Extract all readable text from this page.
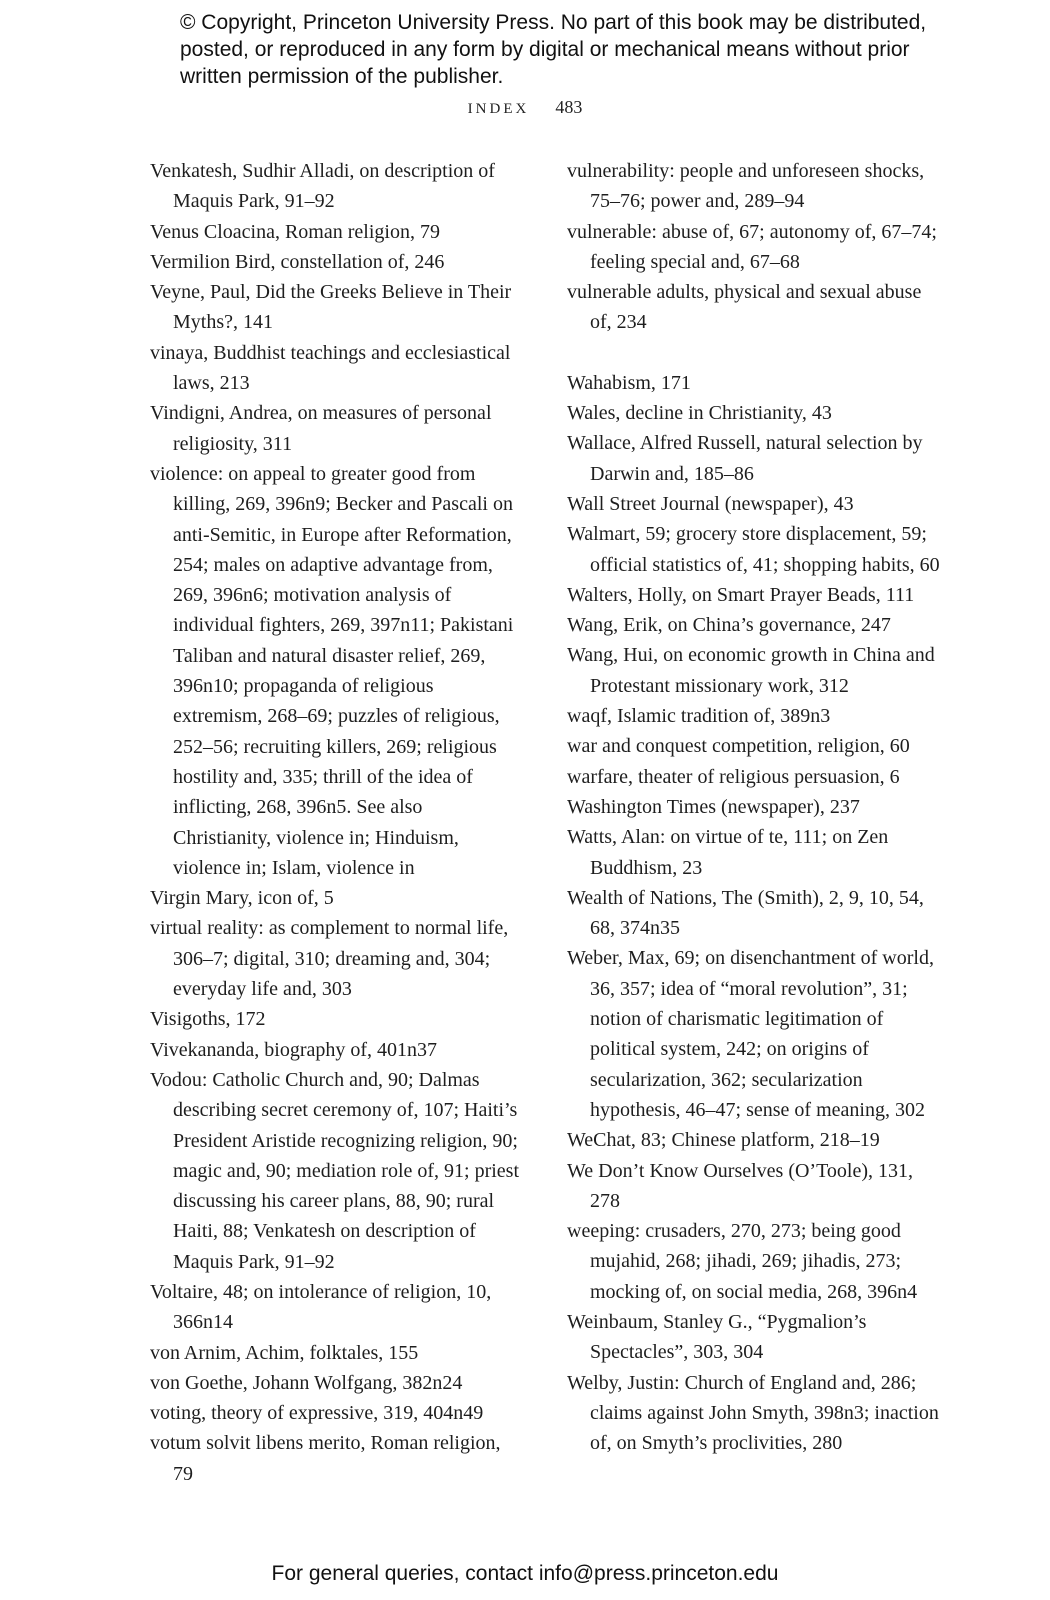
© Copyright, Princeton University Press. No part of this book may be distributed, posted, or reproduced in any form by digital or mechanical means without prior written permission of the publisher.
INDEX 483
Venkatesh, Sudhir Alladi, on description of Maquis Park, 91–92
Venus Cloacina, Roman religion, 79
Vermilion Bird, constellation of, 246
Veyne, Paul, Did the Greeks Believe in Their Myths?, 141
vinaya, Buddhist teachings and ecclesiastical laws, 213
Vindigni, Andrea, on measures of personal religiosity, 311
violence: on appeal to greater good from killing, 269, 396n9; Becker and Pascali on anti-Semitic, in Europe after Reformation, 254; males on adaptive advantage from, 269, 396n6; motivation analysis of individual fighters, 269, 397n11; Pakistani Taliban and natural disaster relief, 269, 396n10; propaganda of religious extremism, 268–69; puzzles of religious, 252–56; recruiting killers, 269; religious hostility and, 335; thrill of the idea of inflicting, 268, 396n5. See also Christianity, violence in; Hinduism, violence in; Islam, violence in
Virgin Mary, icon of, 5
virtual reality: as complement to normal life, 306–7; digital, 310; dreaming and, 304; everyday life and, 303
Visigoths, 172
Vivekananda, biography of, 401n37
Vodou: Catholic Church and, 90; Dalmas describing secret ceremony of, 107; Haiti’s President Aristide recognizing religion, 90; magic and, 90; mediation role of, 91; priest discussing his career plans, 88, 90; rural Haiti, 88; Venkatesh on description of Maquis Park, 91–92
Voltaire, 48; on intolerance of religion, 10, 366n14
von Arnim, Achim, folktales, 155
von Goethe, Johann Wolfgang, 382n24
voting, theory of expressive, 319, 404n49
votum solvit libens merito, Roman religion, 79
vulnerability: people and unforeseen shocks, 75–76; power and, 289–94
vulnerable: abuse of, 67; autonomy of, 67–74; feeling special and, 67–68
vulnerable adults, physical and sexual abuse of, 234
Wahabism, 171
Wales, decline in Christianity, 43
Wallace, Alfred Russell, natural selection by Darwin and, 185–86
Wall Street Journal (newspaper), 43
Walmart, 59; grocery store displacement, 59; official statistics of, 41; shopping habits, 60
Walters, Holly, on Smart Prayer Beads, 111
Wang, Erik, on China’s governance, 247
Wang, Hui, on economic growth in China and Protestant missionary work, 312
waqf, Islamic tradition of, 389n3
war and conquest competition, religion, 60
warfare, theater of religious persuasion, 6
Washington Times (newspaper), 237
Watts, Alan: on virtue of te, 111; on Zen Buddhism, 23
Wealth of Nations, The (Smith), 2, 9, 10, 54, 68, 374n35
Weber, Max, 69; on disenchantment of world, 36, 357; idea of “moral revolution”, 31; notion of charismatic legitimation of political system, 242; on origins of secularization, 362; secularization hypothesis, 46–47; sense of meaning, 302
WeChat, 83; Chinese platform, 218–19
We Don’t Know Ourselves (O’Toole), 131, 278
weeping: crusaders, 270, 273; being good mujahid, 268; jihadi, 269; jihadis, 273; mocking of, on social media, 268, 396n4
Weinbaum, Stanley G., “Pygmalion’s Spectacles”, 303, 304
Welby, Justin: Church of England and, 286; claims against John Smyth, 398n3; inaction of, on Smyth’s proclivities, 280
For general queries, contact info@press.princeton.edu
